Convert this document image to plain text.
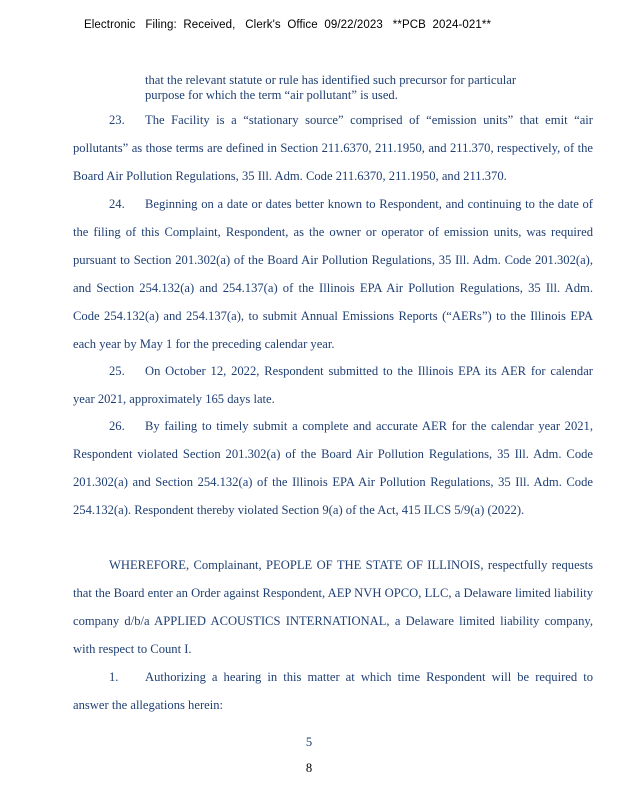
Electronic   Filing:  Received,   Clerk's  Office  09/22/2023   **PCB  2024-021**

that the relevant statute or rule has identified such precursor for particular
purpose for which the term “air pollutant” is used.

23. The Facility is a “stationary source” comprised of “emission units” that emit “air pollutants” as those terms are defined in Section 211.6370, 211.1950, and 211.370, respectively, of the Board Air Pollution Regulations, 35 Ill. Adm. Code 211.6370, 211.1950, and 211.370.

24. Beginning on a date or dates better known to Respondent, and continuing to the date of the filing of this Complaint, Respondent, as the owner or operator of emission units, was required pursuant to Section 201.302(a) of the Board Air Pollution Regulations, 35 Ill. Adm. Code 201.302(a), and Section 254.132(a) and 254.137(a) of the Illinois EPA Air Pollution Regulations, 35 Ill. Adm. Code 254.132(a) and 254.137(a), to submit Annual Emissions Reports (“AERs”) to the Illinois EPA each year by May 1 for the preceding calendar year.

25. On October 12, 2022, Respondent submitted to the Illinois EPA its AER for calendar year 2021, approximately 165 days late.

26. By failing to timely submit a complete and accurate AER for the calendar year 2021, Respondent violated Section 201.302(a) of the Board Air Pollution Regulations, 35 Ill. Adm. Code 201.302(a) and Section 254.132(a) of the Illinois EPA Air Pollution Regulations, 35 Ill. Adm. Code 254.132(a). Respondent thereby violated Section 9(a) of the Act, 415 ILCS 5/9(a) (2022).

WHEREFORE, Complainant, PEOPLE OF THE STATE OF ILLINOIS, respectfully requests that the Board enter an Order against Respondent, AEP NVH OPCO, LLC, a Delaware limited liability company d/b/a APPLIED ACOUSTICS INTERNATIONAL, a Delaware limited liability company, with respect to Count I.

1. Authorizing a hearing in this matter at which time Respondent will be required to answer the allegations herein:

5
8
